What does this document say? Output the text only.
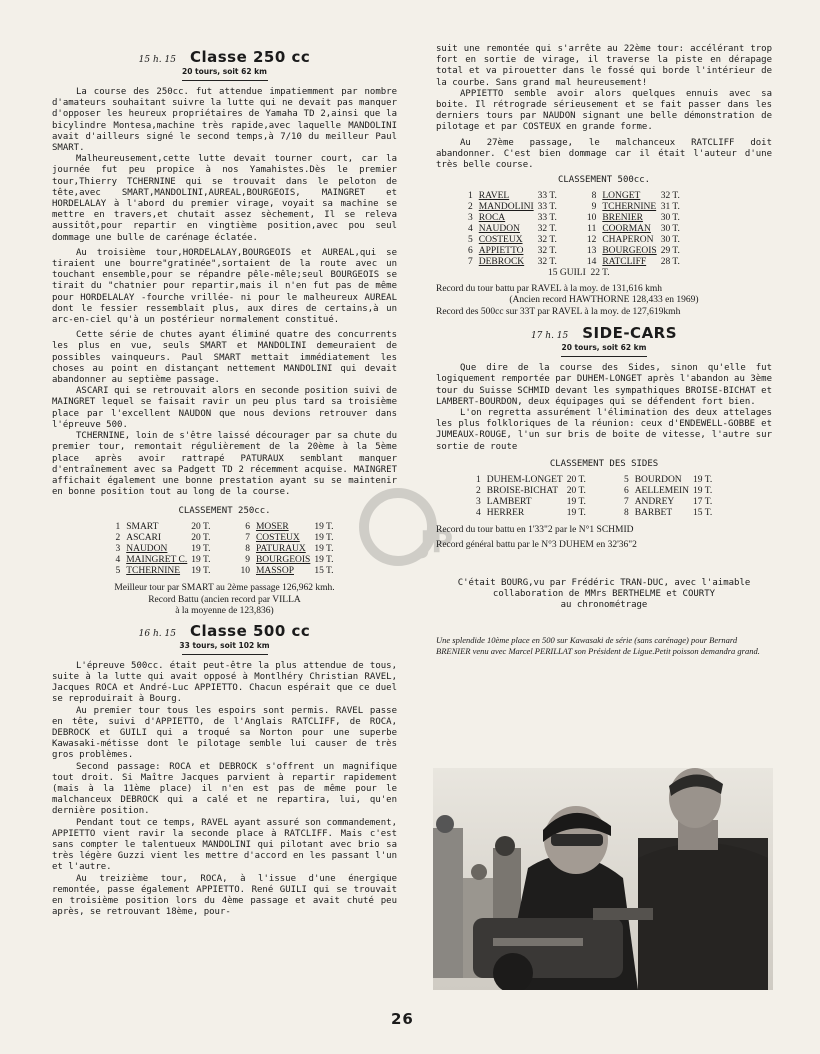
15 h. 15 Classe 250 cc
20 tours, soit 62 km

La course des 250cc. fut attendue impatiemment par nombre d'amateurs souhaitant suivre la lutte qui ne devait pas manquer d'opposer les heureux propriétaires de Yamaha TD 2,ainsi que la bicylindre Montesa,machine très rapide,avec laquelle MANDOLINI avait d'ailleurs signé le second temps,à 7/10 du meilleur Paul SMART.

Malheureusement,cette lutte devait tourner court, car la journée fut peu propice à nos Yamahistes.Dès le premier tour,Thierry TCHERNINE qui se trouvait dans le peloton de tête,avec SMART,MANDOLINI,AUREAL,BOURGEOIS, MAINGRET et HORDELALAY à l'abord du premier virage, voyait sa machine se mettre en travers,et chutait assez sèchement, Il se releva aussitôt,pour repartir en vingtième position,avec pou seul dommage une bulle de carénage éclatée.

Au troisième tour,HORDELALAY,BOURGEOIS et AUREAL,qui se tiraient une bourre"gratinée",sortaient de la route avec un touchant ensemble,pour se répandre pêle-mêle;seul BOURGEOIS se tirait du "chatnier pour repartir,mais il n'en fut pas de même pour HORDELALAY -fourche vrillée- ni pour le malheureux AUREAL dont le fessier ressemblait plus, aux dires de certains,à un arc-en-ciel qu'à un postérieur normalement constitué.

Cette série de chutes ayant éliminé quatre des concurrents les plus en vue, seuls SMART et MANDOLINI demeuraient de possibles vainqueurs. Paul SMART mettait immédiatement les choses au point en distançant nettement MANDOLINI qui devait abandonner au septième passage.

ASCARI qui se retrouvait alors en seconde position suivi de MAINGRET lequel se faisait ravir un peu plus tard sa troisième place par l'excellent NAUDON que nous devions retrouver dans l'épreuve 500.

TCHERNINE, loin de s'être laissé décourager par sa chute du premier tour, remontait régulièrement de la 20ème à la 5ème place après avoir rattrapé PATURAUX semblant manquer d'entraînement avec sa Padgett TD 2 récemment acquise. MAINGRET affichait également une bonne prestation ayant su se maintenir en bonne position tout au long de la course.

CLASSEMENT 250cc.
1	SMART	20 T.		6	MOSER	19 T.
2	ASCARI	20 T.		7	COSTEUX	19 T.
3	NAUDON	19 T.		8	PATURAUX	19 T.
4	MAINGRET C.	19 T.		9	BOURGEOIS	19 T.
5	TCHERNINE	19 T.		10	MASSOP	15 T.
Meilleur tour par SMART au 2ème passage 126,962 kmh.
Record Battu (ancien record par VILLA
à la moyenne de 123,836)
16 h. 15 Classe 500 cc
33 tours, soit 102 km

L'épreuve 500cc. était peut-être la plus attendue de tous, suite à la lutte qui avait opposé à Montlhéry Christian RAVEL, Jacques ROCA et André-Luc APPIETTO. Chacun espérait que ce duel se reproduirait à Bourg.

Au premier tour tous les espoirs sont permis. RAVEL passe en tête, suivi d'APPIETTO, de l'Anglais RATCLIFF, de ROCA, DEBROCK et GUILI qui a troqué sa Norton pour une superbe Kawasaki-métisse dont le pilotage semble lui causer de très gros problèmes.

Second passage: ROCA et DEBROCK s'offrent un magnifique tout droit. Si Maître Jacques parvient à repartir rapidement (mais à la 11ème place) il n'en est pas de même pour le malchanceux DEBROCK qui a calé et ne repartira, lui, qu'en dernière position.

Pendant tout ce temps, RAVEL ayant assuré son commandement, APPIETTO vient ravir la seconde place à RATCLIFF. Mais c'est sans compter le talentueux MANDOLINI qui pilotant avec brio sa très légère Guzzi vient les mettre d'accord en les passant l'un et l'autre.

Au treizième tour, ROCA, à l'issue d'une énergique remontée, passe également APPIETTO. René GUILI qui se trouvait en troisième position lors du 4ème passage et avait chuté peu après, se retrouvant 18ème, pour-

suit une remontée qui s'arrête au 22ème tour: accélérant trop fort en sortie de virage, il traverse la piste en dérapage total et va pirouetter dans le fossé qui borde l'intérieur de la courbe. Sans grand mal heureusement!

APPIETTO semble avoir alors quelques ennuis avec sa boite. Il rétrograde sérieusement et se fait passer dans les derniers tours par NAUDON signant une belle démonstration de pilotage et par COSTEUX en grande forme.

Au 27ème passage, le malchanceux RATCLIFF doit abandonner. C'est bien dommage car il était l'auteur d'une très belle course.

CLASSEMENT 500cc.
1	RAVEL	33 T.		8	LONGET	32 T.
2	MANDOLINI	33 T.		9	TCHERNINE	31 T.
3	ROCA	33 T.		10	BRENIER	30 T.
4	NAUDON	32 T.		11	COORMAN	30 T.
5	COSTEUX	32 T.		12	CHAPERON	30 T.
6	APPIETTO	32 T.		13	BOURGEOIS	29 T.
7	DEBROCK	32 T.		14	RATCLIFF	28 T.
15 GUILI  22 T.
Record du tour battu par RAVEL à la moy. de 131,616 kmh
(Ancien record HAWTHORNE 128,433 en 1969)
Record des 500cc sur 33T par RAVEL à la moy. de 127,619kmh
17 h. 15 SIDE-CARS
20 tours, soit 62 km

Que dire de la course des Sides, sinon qu'elle fut logiquement remportée par DUHEM-LONGET après l'abandon au 3ème tour du Suisse SCHMID devant les sympathiques BROISE-BICHAT et LAMBERT-BOURDON, deux équipages qui se défendent fort bien.

L'on regretta assurément l'élimination des deux attelages les plus folkloriques de la réunion: ceux d'ENDEWELL-GOBBE et JUMEAUX-ROUGE, l'un sur bris de boite de vitesse, l'autre sur sortie de route

CLASSEMENT DES SIDES
1	DUHEM-LONGET	20 T.		5	BOURDON	19 T.
2	BROISE-BICHAT	20 T.		6	AELLEMEIN	19 T.
3	LAMBERT	19 T.		7	ANDREY	17 T.
4	HERRER	19 T.		8	BARBET	15 T.
Record du tour battu en 1'33"2 par le N°1 SCHMID
Record général battu par le N°3 DUHEM en 32'36"2

C'était BOURG,vu par Frédéric TRAN-DUC, avec l'aimable

collaboration de MMrs BERTHELME et COURTY

au chronométrage

Une splendide 10ème place en 500 sur Kawasaki de série (sans carénage) pour Bernard BRENIER venu avec Marcel PERILLAT son Président de Ligue.Petit poisson demandra grand.
JP
26
